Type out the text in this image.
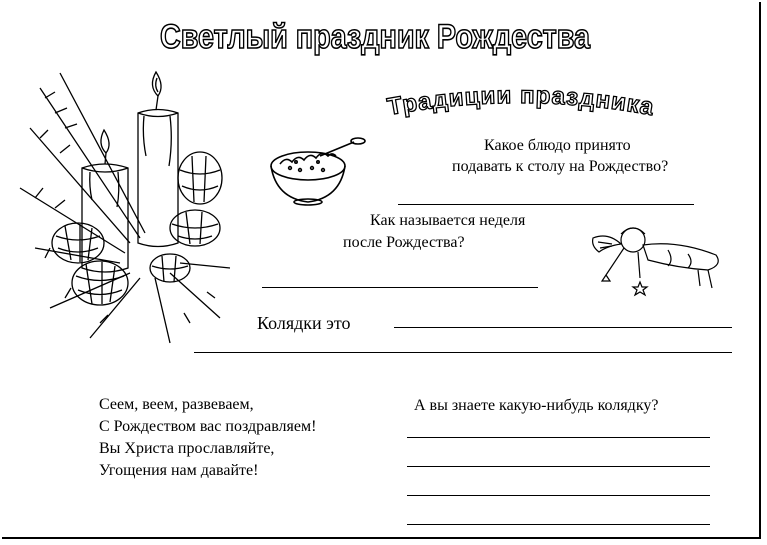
Светлый праздник Рождества
Традиции праздника
Какое блюдо принято
подавать к столу на Рождество?
Как называется неделя
после Рождества?
Колядки это
Сеем, веем, развеваем,
С Рождеством вас поздравляем!
Вы Христа прославляйте,
Угощения нам давайте!
А вы знаете какую-нибудь колядку?
